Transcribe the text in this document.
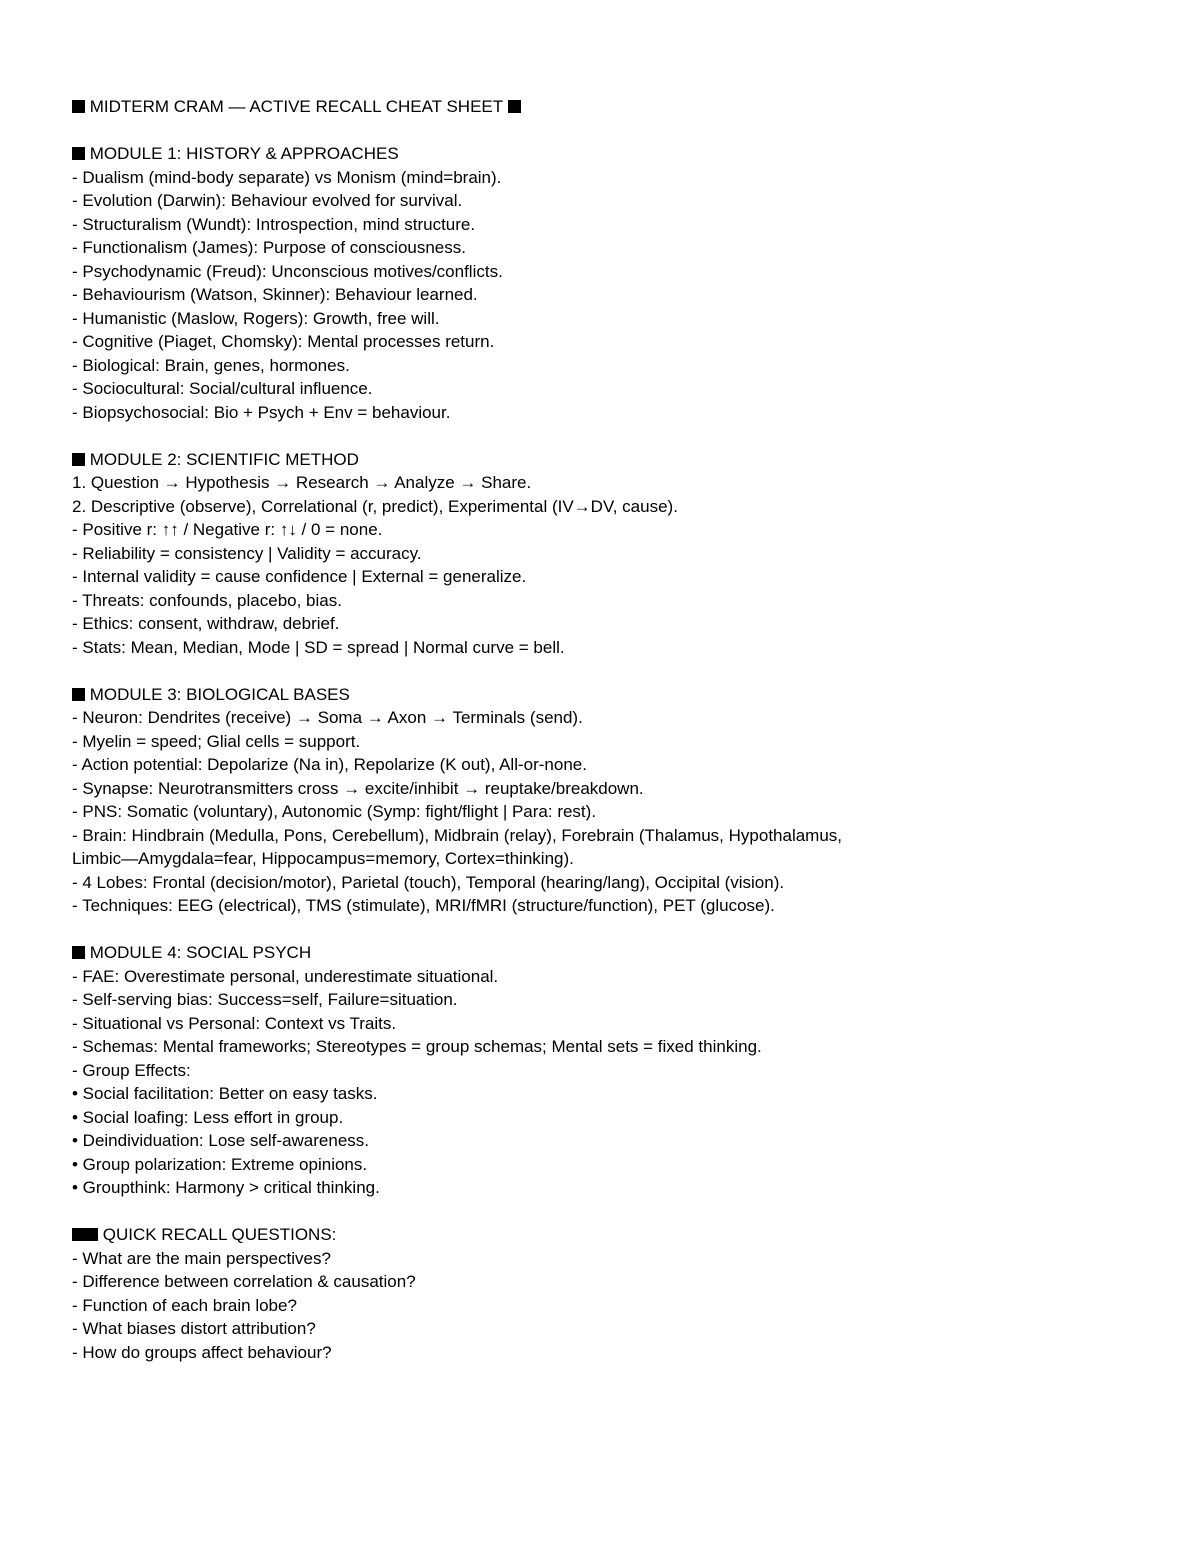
MIDTERM CRAM — ACTIVE RECALL CHEAT SHEET
MODULE 1: HISTORY & APPROACHES
- Dualism (mind-body separate) vs Monism (mind=brain).
- Evolution (Darwin): Behaviour evolved for survival.
- Structuralism (Wundt): Introspection, mind structure.
- Functionalism (James): Purpose of consciousness.
- Psychodynamic (Freud): Unconscious motives/conflicts.
- Behaviourism (Watson, Skinner): Behaviour learned.
- Humanistic (Maslow, Rogers): Growth, free will.
- Cognitive (Piaget, Chomsky): Mental processes return.
- Biological: Brain, genes, hormones.
- Sociocultural: Social/cultural influence.
- Biopsychosocial: Bio + Psych + Env = behaviour.
MODULE 2: SCIENTIFIC METHOD
1. Question → Hypothesis → Research → Analyze → Share.
2. Descriptive (observe), Correlational (r, predict), Experimental (IV→DV, cause).
- Positive r: ↑↑ / Negative r: ↑↓ / 0 = none.
- Reliability = consistency | Validity = accuracy.
- Internal validity = cause confidence | External = generalize.
- Threats: confounds, placebo, bias.
- Ethics: consent, withdraw, debrief.
- Stats: Mean, Median, Mode | SD = spread | Normal curve = bell.
MODULE 3: BIOLOGICAL BASES
- Neuron: Dendrites (receive) → Soma → Axon → Terminals (send).
- Myelin = speed; Glial cells = support.
- Action potential: Depolarize (Na in), Repolarize (K out), All-or-none.
- Synapse: Neurotransmitters cross → excite/inhibit → reuptake/breakdown.
- PNS: Somatic (voluntary), Autonomic (Symp: fight/flight | Para: rest).
- Brain: Hindbrain (Medulla, Pons, Cerebellum), Midbrain (relay), Forebrain (Thalamus, Hypothalamus,
Limbic—Amygdala=fear, Hippocampus=memory, Cortex=thinking).
- 4 Lobes: Frontal (decision/motor), Parietal (touch), Temporal (hearing/lang), Occipital (vision).
- Techniques: EEG (electrical), TMS (stimulate), MRI/fMRI (structure/function), PET (glucose).
MODULE 4: SOCIAL PSYCH
- FAE: Overestimate personal, underestimate situational.
- Self-serving bias: Success=self, Failure=situation.
- Situational vs Personal: Context vs Traits.
- Schemas: Mental frameworks; Stereotypes = group schemas; Mental sets = fixed thinking.
- Group Effects:
• Social facilitation: Better on easy tasks.
• Social loafing: Less effort in group.
• Deindividuation: Lose self-awareness.
• Group polarization: Extreme opinions.
• Groupthink: Harmony > critical thinking.
QUICK RECALL QUESTIONS:
- What are the main perspectives?
- Difference between correlation & causation?
- Function of each brain lobe?
- What biases distort attribution?
- How do groups affect behaviour?
